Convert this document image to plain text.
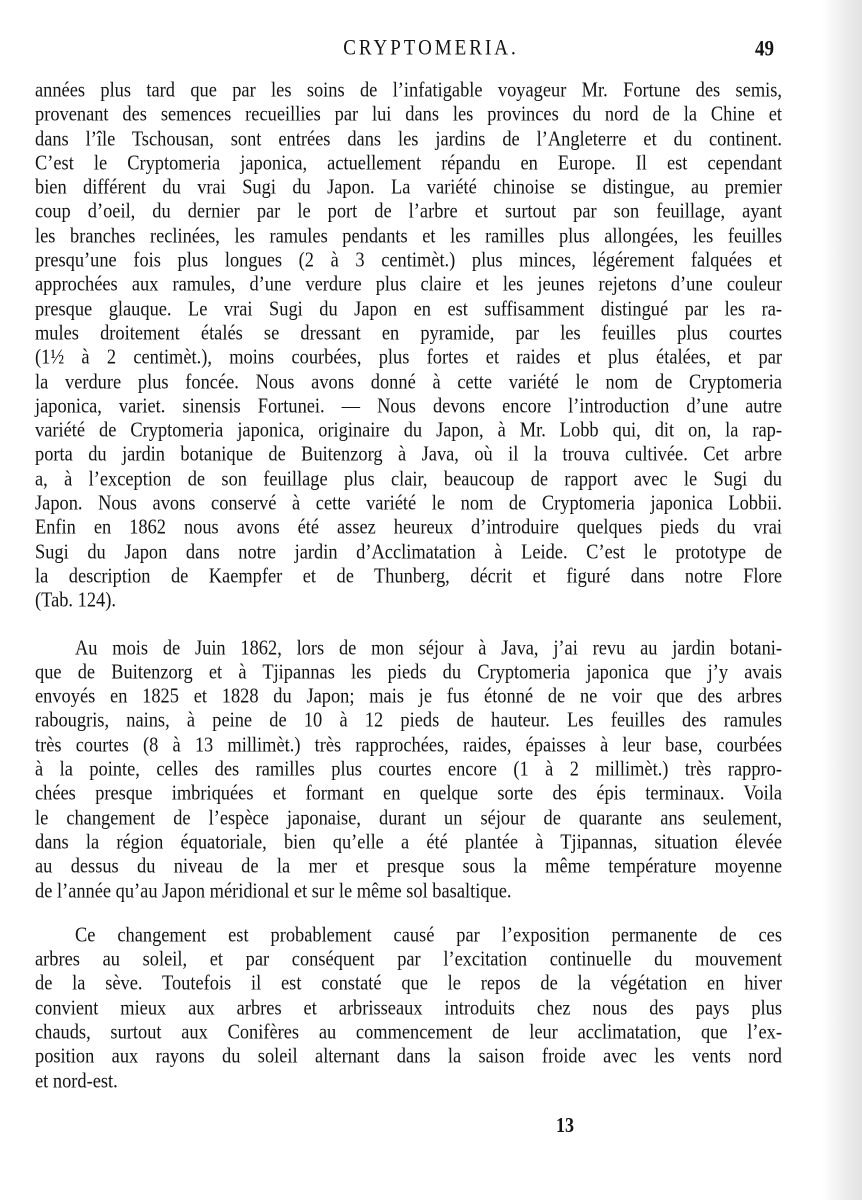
CRYPTOMERIA.	49
années plus tard que par les soins de l’infatigable voyageur Mr. Fortune des semis,
provenant des semences recueillies par lui dans les provinces du nord de la Chine et
dans l’île Tschousan, sont entrées dans les jardins de l’Angleterre et du continent.
C’est le Cryptomeria japonica, actuellement répandu en Europe. Il est cependant
bien différent du vrai Sugi du Japon. La variété chinoise se distingue, au premier
coup d’oeil, du dernier par le port de l’arbre et surtout par son feuillage, ayant
les branches reclinées, les ramules pendants et les ramilles plus allongées, les feuilles
presqu’une fois plus longues (2 à 3 centimèt.) plus minces, légérement falquées et
approchées aux ramules, d’une verdure plus claire et les jeunes rejetons d’une couleur
presque glauque. Le vrai Sugi du Japon en est suffisamment distingué par les ra-
mules droitement étalés se dressant en pyramide, par les feuilles plus courtes
(1½ à 2 centimèt.), moins courbées, plus fortes et raides et plus étalées, et par
la verdure plus foncée. Nous avons donné à cette variété le nom de Cryptomeria
japonica, variet. sinensis Fortunei. — Nous devons encore l’introduction d’une autre
variété de Cryptomeria japonica, originaire du Japon, à Mr. Lobb qui, dit on, la rap-
porta du jardin botanique de Buitenzorg à Java, où il la trouva cultivée. Cet arbre
a, à l’exception de son feuillage plus clair, beaucoup de rapport avec le Sugi du
Japon. Nous avons conservé à cette variété le nom de Cryptomeria japonica Lobbii.
Enfin en 1862 nous avons été assez heureux d’introduire quelques pieds du vrai
Sugi du Japon dans notre jardin d’Acclimatation à Leide. C’est le prototype de
la description de Kaempfer et de Thunberg, décrit et figuré dans notre Flore
(Tab. 124).
Au mois de Juin 1862, lors de mon séjour à Java, j’ai revu au jardin botani-
que de Buitenzorg et à Tjipannas les pieds du Cryptomeria japonica que j’y avais
envoyés en 1825 et 1828 du Japon; mais je fus étonné de ne voir que des arbres
rabougris, nains, à peine de 10 à 12 pieds de hauteur. Les feuilles des ramules
très courtes (8 à 13 millimèt.) très rapprochées, raides, épaisses à leur base, courbées
à la pointe, celles des ramilles plus courtes encore (1 à 2 millimèt.) très rappro-
chées presque imbriquées et formant en quelque sorte des épis terminaux. Voila
le changement de l’espèce japonaise, durant un séjour de quarante ans seulement,
dans la région équatoriale, bien qu’elle a été plantée à Tjipannas, situation élevée
au dessus du niveau de la mer et presque sous la même température moyenne
de l’année qu’au Japon méridional et sur le même sol basaltique.
Ce changement est probablement causé par l’exposition permanente de ces
arbres au soleil, et par conséquent par l’excitation continuelle du mouvement
de la sève. Toutefois il est constaté que le repos de la végétation en hiver
convient mieux aux arbres et arbrisseaux introduits chez nous des pays plus
chauds, surtout aux Conifères au commencement de leur acclimatation, que l’ex-
position aux rayons du soleil alternant dans la saison froide avec les vents nord
et nord-est.
13
